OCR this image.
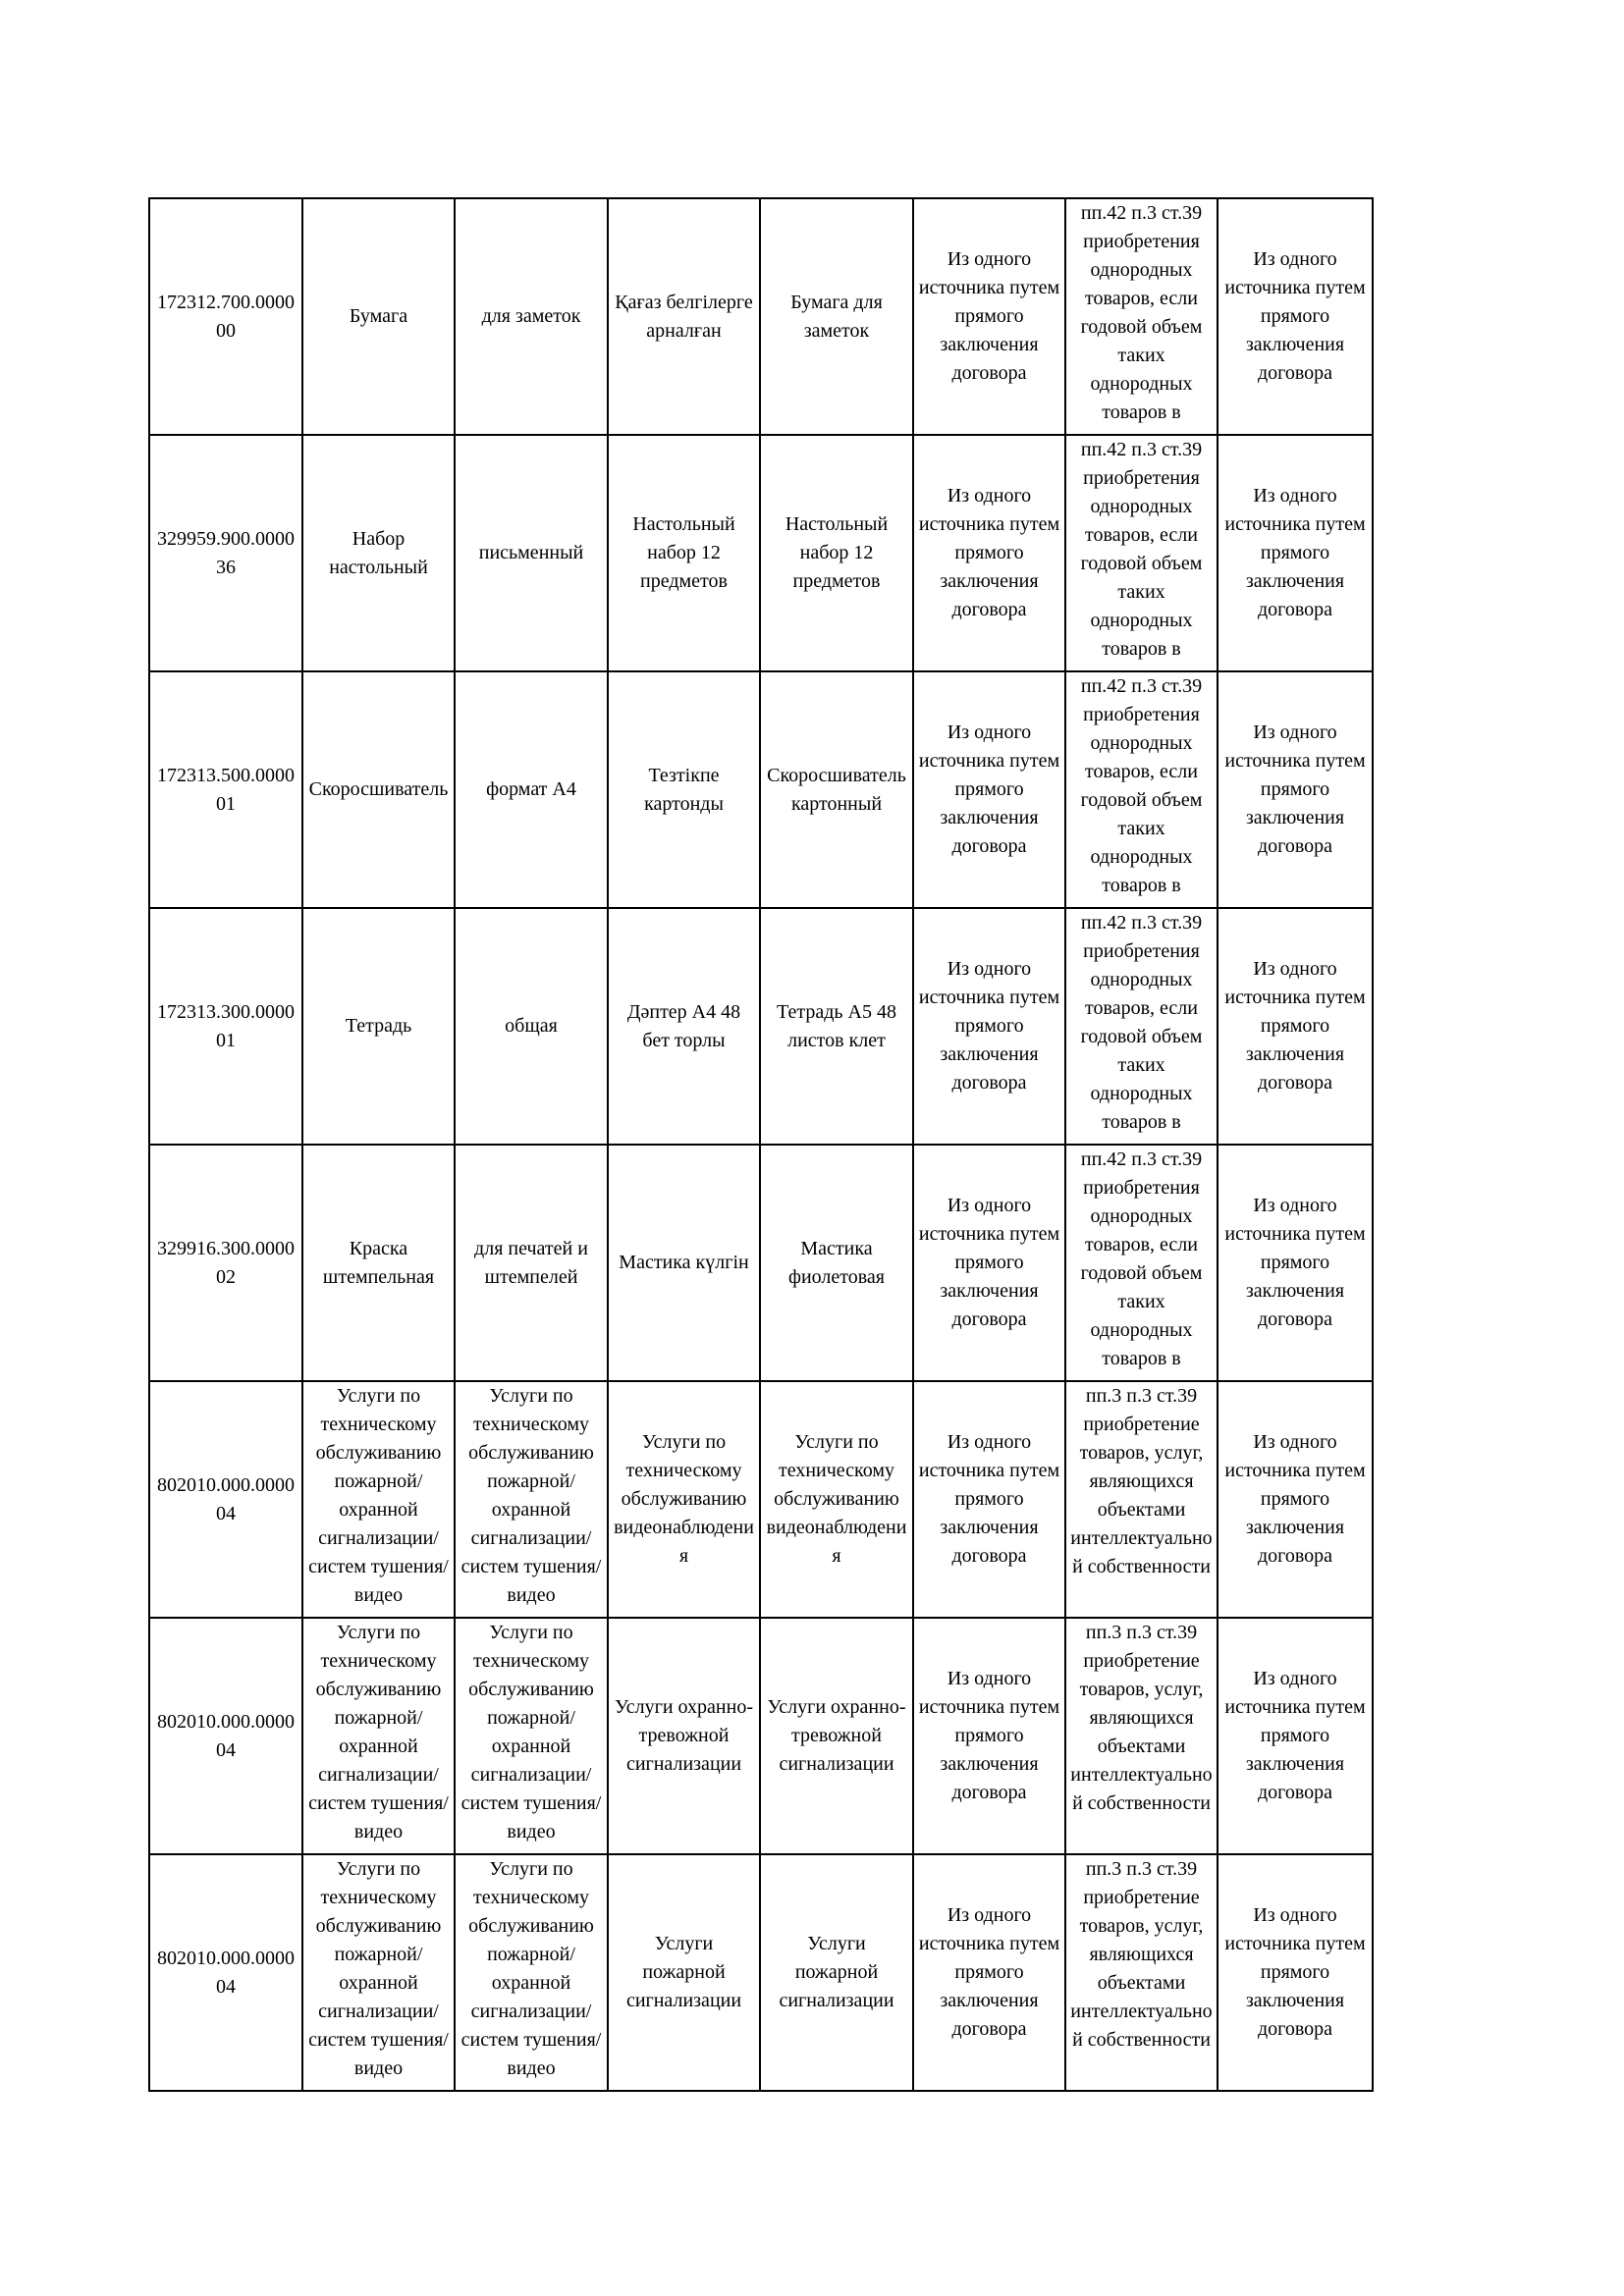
172312.700.000000	Бумага	для заметок	Қағаз белгілерге арналған	Бумага для заметок	Из одного источника путем прямого заключения договора	пп.42 п.3 ст.39 приобретения однородных товаров, если годовой объем таких однородных товаров в	Из одного источника путем прямого заключения договора

329959.900.000036	Набор настольный	письменный	Настольный набор 12 предметов	Настольный набор 12 предметов	Из одного источника путем прямого заключения договора	пп.42 п.3 ст.39 приобретения однородных товаров, если годовой объем таких однородных товаров в	Из одного источника путем прямого заключения договора

172313.500.000001	Скоросшиватель	формат А4	Тезтікпе картонды	Скоросшиватель картонный	Из одного источника путем прямого заключения договора	пп.42 п.3 ст.39 приобретения однородных товаров, если годовой объем таких однородных товаров в	Из одного источника путем прямого заключения договора

172313.300.000001	Тетрадь	общая	Дәптер А4 48 бет торлы	Тетрадь А5 48 листов клет	Из одного источника путем прямого заключения договора	пп.42 п.3 ст.39 приобретения однородных товаров, если годовой объем таких однородных товаров в	Из одного источника путем прямого заключения договора

329916.300.000002	Краска штемпельная	для печатей и штемпелей	Мастика күлгін	Мастика фиолетовая	Из одного источника путем прямого заключения договора	пп.42 п.3 ст.39 приобретения однородных товаров, если годовой объем таких однородных товаров в	Из одного источника путем прямого заключения договора

802010.000.000004	Услуги по техническому обслуживанию пожарной/охранной сигнализации/систем тушения/видео	Услуги по техническому обслуживанию пожарной/охранной сигнализации/систем тушения/видео	Услуги по техническому обслуживанию видеонаблюдения	Услуги по техническому обслуживанию видеонаблюдения	Из одного источника путем прямого заключения договора	пп.3 п.3 ст.39 приобретение товаров, услуг, являющихся объектами интеллектуальной собственности	Из одного источника путем прямого заключения договора

802010.000.000004	Услуги по техническому обслуживанию пожарной/охранной сигнализации/систем тушения/видео	Услуги по техническому обслуживанию пожарной/охранной сигнализации/систем тушения/видео	Услуги охранно-тревожной сигнализации	Услуги охранно-тревожной сигнализации	Из одного источника путем прямого заключения договора	пп.3 п.3 ст.39 приобретение товаров, услуг, являющихся объектами интеллектуальной собственности	Из одного источника путем прямого заключения договора

802010.000.000004	Услуги по техническому обслуживанию пожарной/охранной сигнализации/систем тушения/видео	Услуги по техническому обслуживанию пожарной/охранной сигнализации/систем тушения/видео	Услуги пожарной сигнализации	Услуги пожарной сигнализации	Из одного источника путем прямого заключения договора	пп.3 п.3 ст.39 приобретение товаров, услуг, являющихся объектами интеллектуальной собственности	Из одного источника путем прямого заключения договора
